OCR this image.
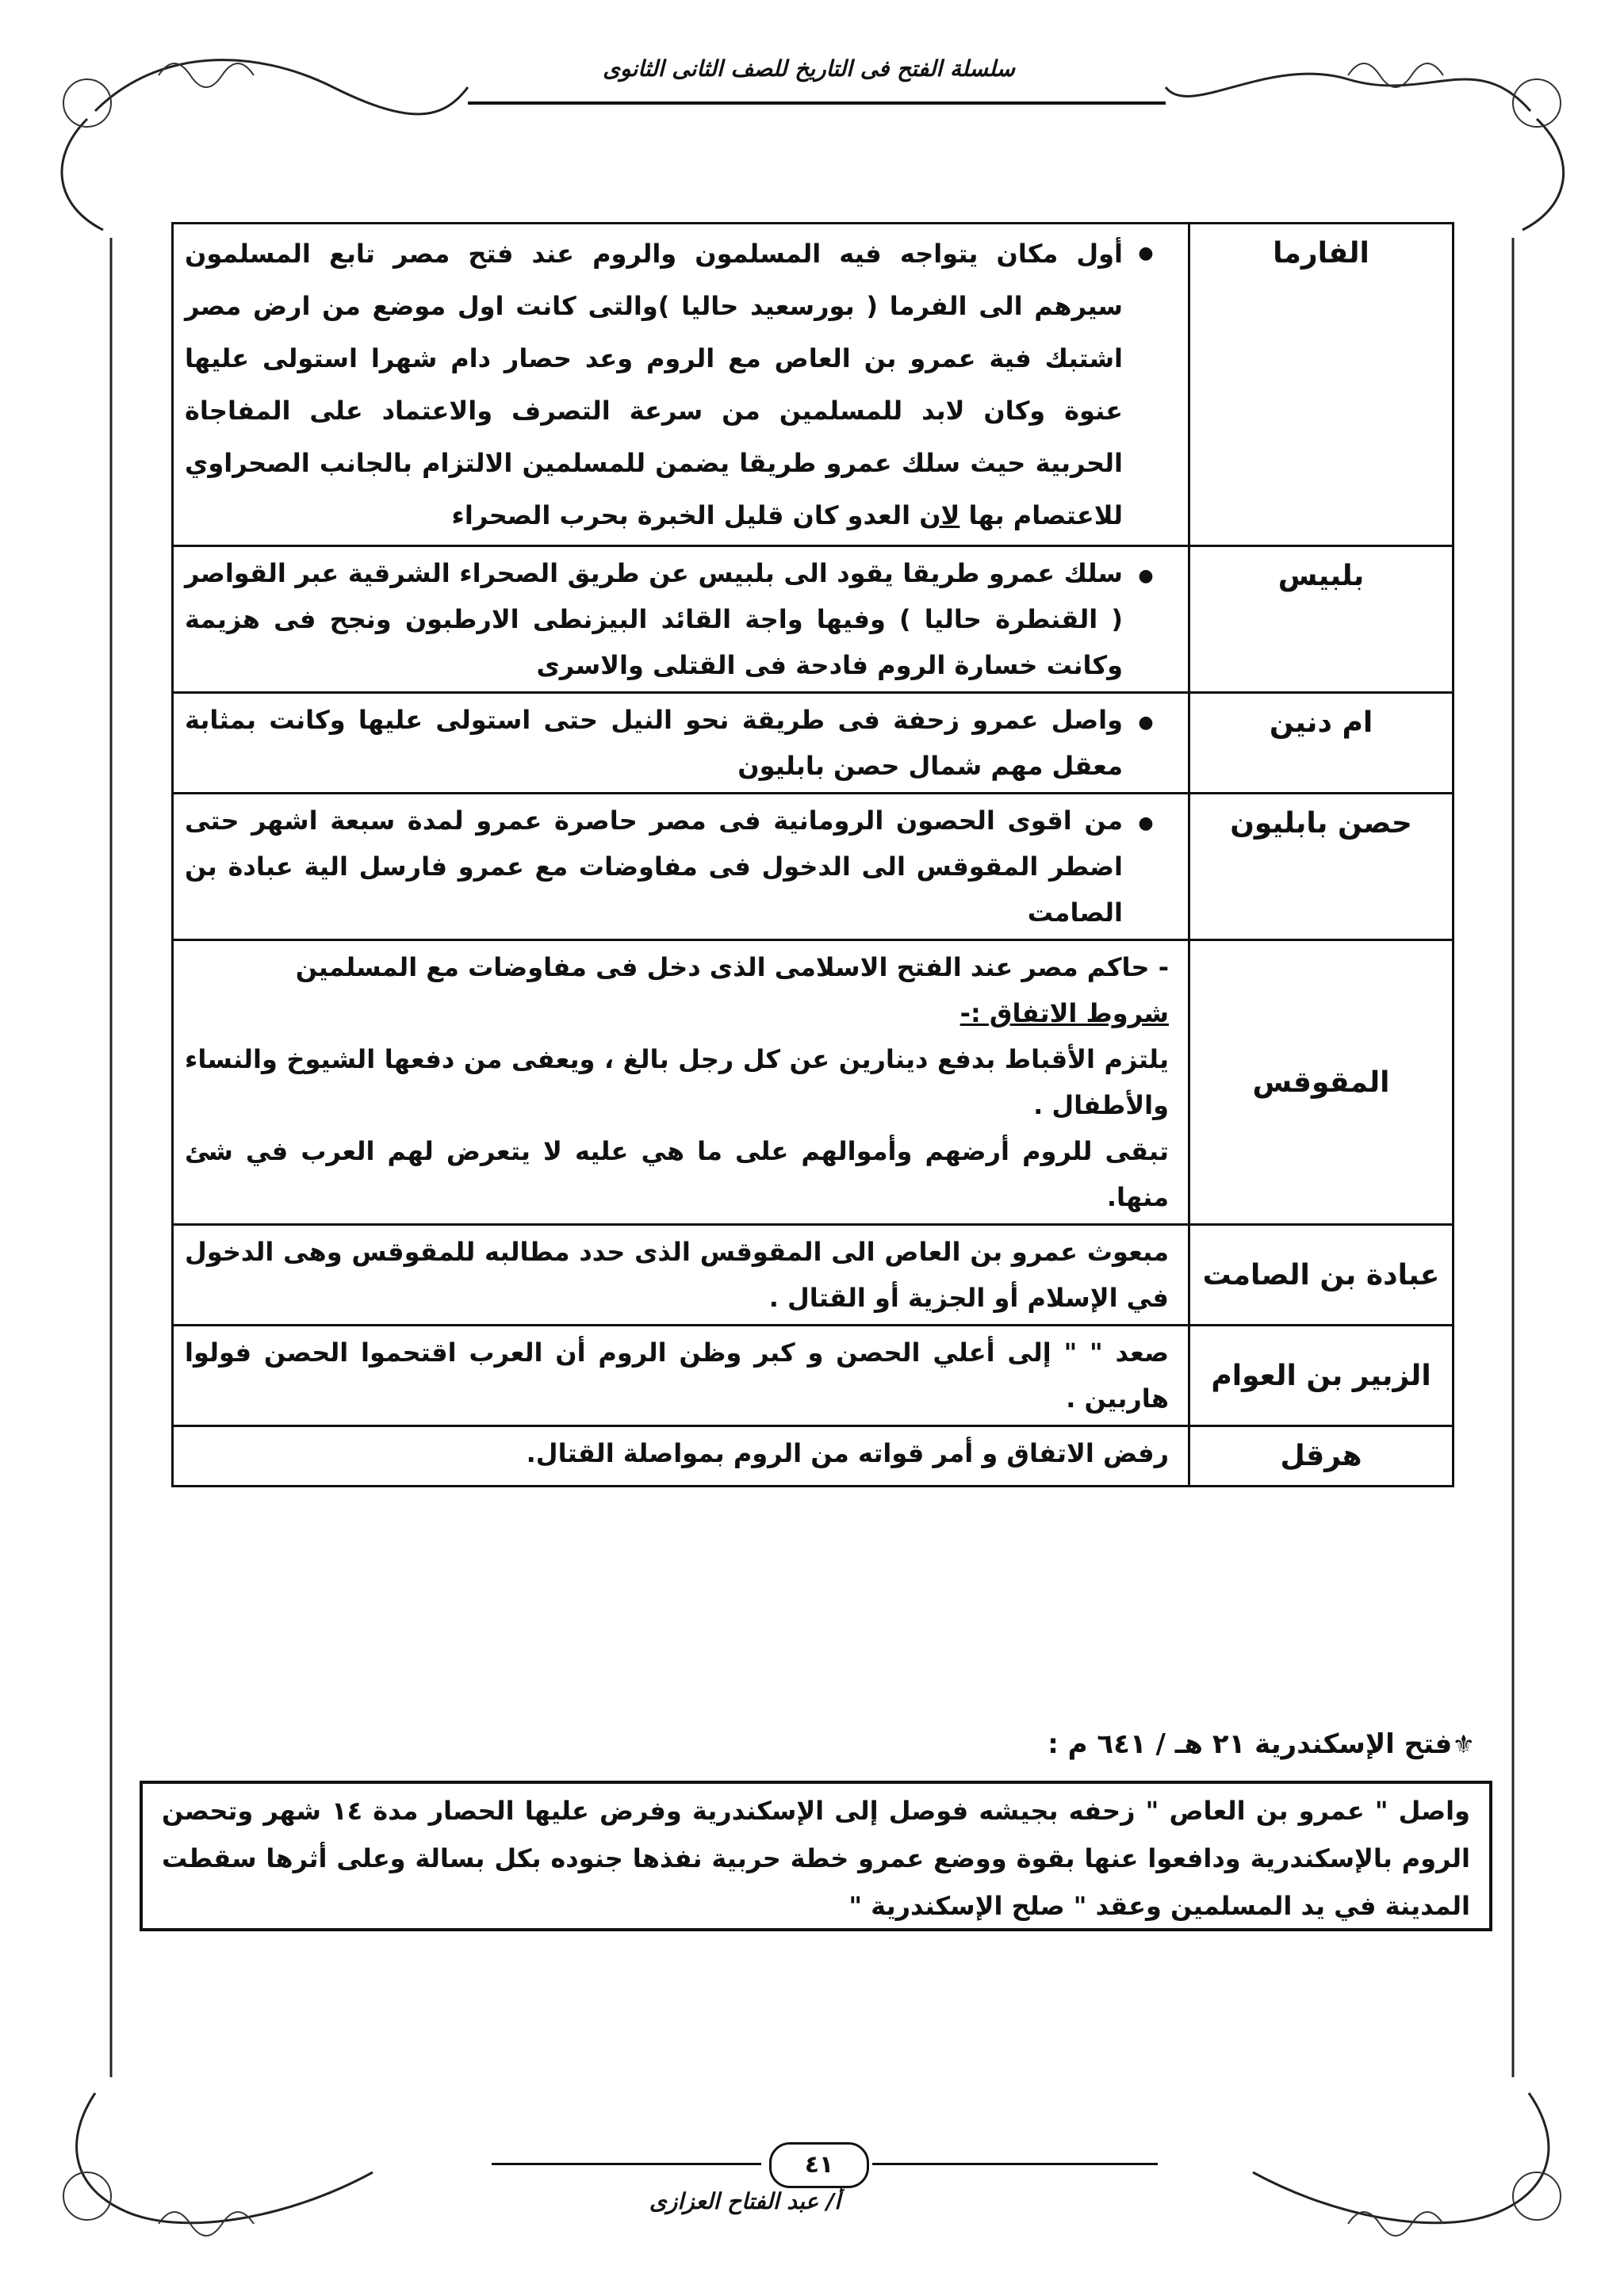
سلسلة الفتح فى التاريخ للصف الثانى الثانوى
الفارما	●
أول مكان يتواجه فيه المسلمون والروم عند فتح مصر تابع المسلمون سيرهم الى الفرما ( بورسعيد حاليا )والتى كانت اول موضع من ارض مصر اشتبك فية عمرو بن العاص مع الروم وعد حصار دام شهرا استولى عليها عنوة وكان لابد للمسلمين من سرعة التصرف والاعتماد على المفاجاة الحربية حيث سلك عمرو طريقا يضمن للمسلمين الالتزام بالجانب الصحراوي للاعتصام بها لان العدو كان قليل الخبرة بحرب الصحراء

بلبيس	●
سلك عمرو طريقا يقود الى بلبيس عن طريق الصحراء الشرقية عبر القواصر ( القنطرة حاليا ) وفيها واجة القائد البيزنطى الارطبون ونجح فى هزيمة وكانت خسارة الروم فادحة فى القتلى والاسرى

ام دنين	●
واصل عمرو زحفة فى طريقة نحو النيل حتى استولى عليها وكانت بمثابة معقل مهم شمال حصن بابليون

حصن بابليون	●
من اقوى الحصون الرومانية فى مصر حاصرة عمرو لمدة سبعة اشهر حتى اضطر المقوقس الى الدخول فى مفاوضات مع عمرو فارسل الية عبادة بن الصامت

المقوقس	- حاكم مصر عند الفتح الاسلامى الذى دخل فى مفاوضات مع المسلمين
شروط الاتفاق :-
يلتزم الأقباط بدفع دينارين عن كل رجل بالغ ، ويعفى من دفعها الشيوخ والنساء والأطفال .
تبقى للروم أرضهم وأموالهم على ما هي عليه لا يتعرض لهم العرب في شئ منها.

عبادة بن الصامت	مبعوث عمرو بن العاص الى المقوقس الذى حدد مطالبه للمقوقس وهى الدخول في الإسلام أو الجزية أو القتال .
الزبير بن العوام	صعد " " إلى أعلي الحصن و كبر وظن الروم أن العرب اقتحموا الحصن فولوا هاربين .
هرقل	رفض الاتفاق و أمر قواته من الروم بمواصلة القتال.
⚜فتح الإسكندرية ٢١ هـ / ٦٤١ م :
واصل " عمرو بن العاص " زحفه بجيشه فوصل إلى الإسكندرية وفرض عليها الحصار مدة ١٤ شهر وتحصن الروم بالإسكندرية ودافعوا عنها بقوة ووضع عمرو خطة حربية نفذها جنوده بكل بسالة وعلى أثرها سقطت المدينة في يد المسلمين وعقد " صلح الإسكندرية "
٤١
أ/ عبد الفتاح العزازى
